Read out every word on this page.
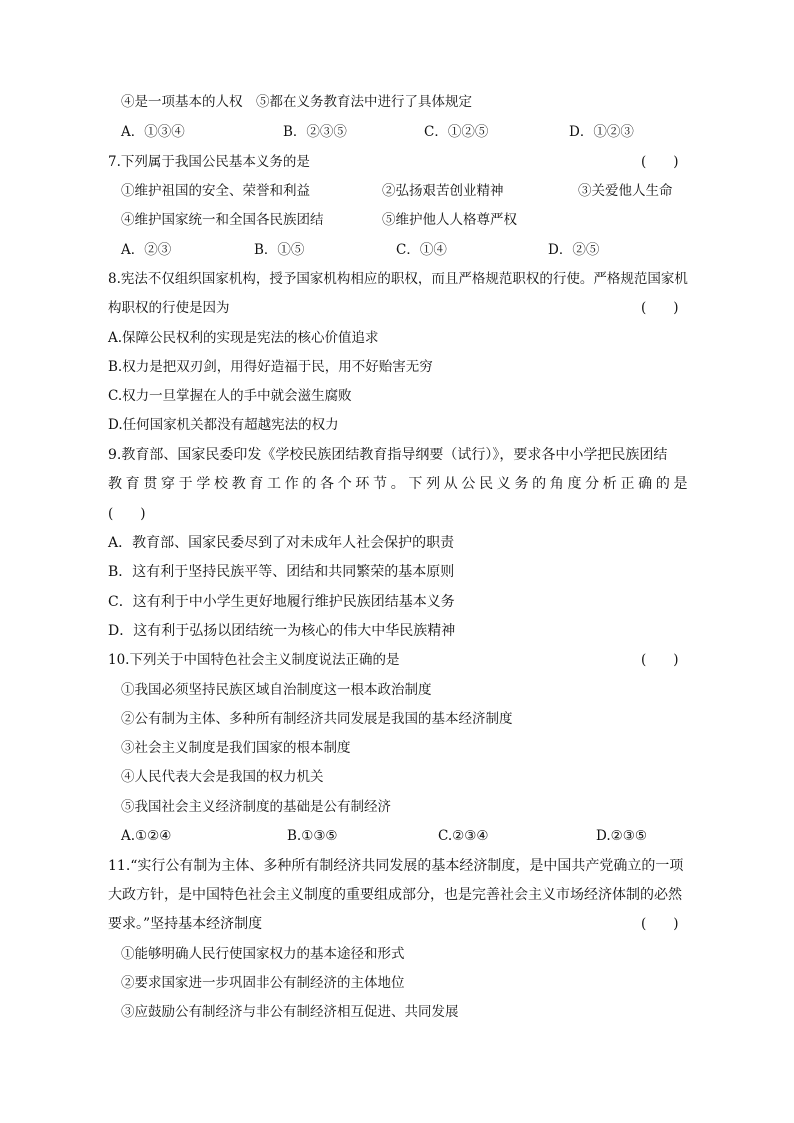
④是一项基本的人权　⑤都在义务教育法中进行了具体规定
A．①③④	B．②③⑤	C．①②⑤	D．①②③
7.下列属于我国公民基本义务的是	(　　)
①维护祖国的安全、荣誉和利益	②弘扬艰苦创业精神	③关爱他人生命
④维护国家统一和全国各民族团结	⑤维护他人人格尊严权
A．②③	B．①⑤	C．①④	D．②⑤
8.宪法不仅组织国家机构，授予国家机构相应的职权，而且严格规范职权的行使。严格规范国家机
构职权的行使是因为	(　　)
A.保障公民权利的实现是宪法的核心价值追求
B.权力是把双刃剑，用得好造福于民，用不好贻害无穷
C.权力一旦掌握在人的手中就会滋生腐败
D.任何国家机关都没有超越宪法的权力
9.教育部、国家民委印发《学校民族团结教育指导纲要（试行）》，要求各中小学把民族团结
教育贯穿于学校教育工作的各个环节。下列从公民义务的角度分析正确的是
(　　)
A．教育部、国家民委尽到了对未成年人社会保护的职责
B．这有利于坚持民族平等、团结和共同繁荣的基本原则
C．这有利于中小学生更好地履行维护民族团结基本义务
D．这有利于弘扬以团结统一为核心的伟大中华民族精神
10.下列关于中国特色社会主义制度说法正确的是	(　　)
①我国必须坚持民族区域自治制度这一根本政治制度
②公有制为主体、多种所有制经济共同发展是我国的基本经济制度
③社会主义制度是我们国家的根本制度
④人民代表大会是我国的权力机关
⑤我国社会主义经济制度的基础是公有制经济
A.①②④	B.①③⑤	C.②③④	D.②③⑤
11.“实行公有制为主体、多种所有制经济共同发展的基本经济制度，是中国共产党确立的一项
大政方针，是中国特色社会主义制度的重要组成部分，也是完善社会主义市场经济体制的必然
要求。”坚持基本经济制度	(　　)
①能够明确人民行使国家权力的基本途径和形式
②要求国家进一步巩固非公有制经济的主体地位
③应鼓励公有制经济与非公有制经济相互促进、共同发展
